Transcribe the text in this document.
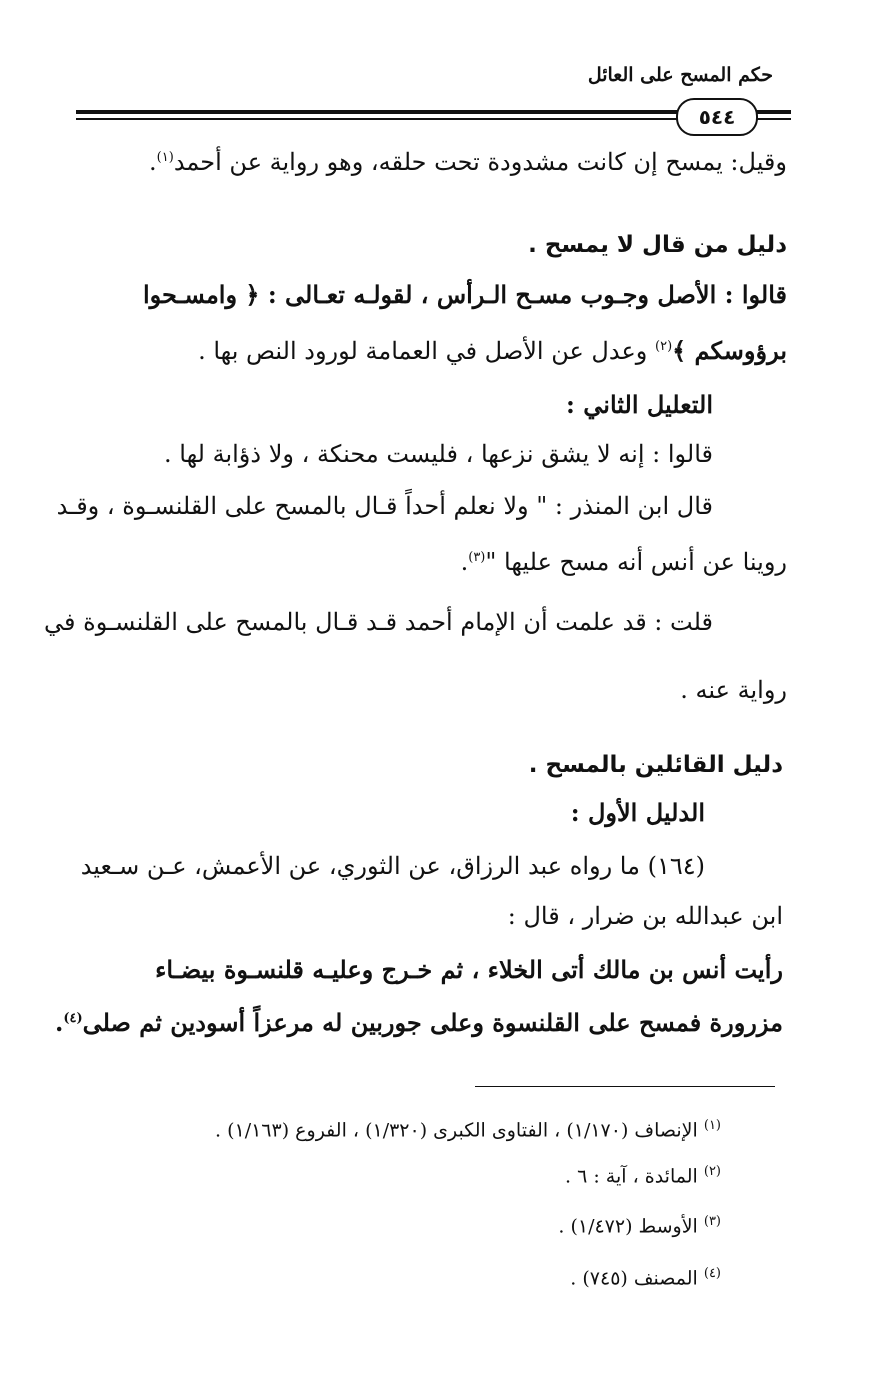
حكم المسح على العائل
٥٤٤
وقيل: يمسح إن كانت مشدودة تحت حلقه، وهو رواية عن أحمد$^{(١)}$.
دليل من قال لا يمسح .
قالوا : الأصل وجـوب مسـح الـرأس ، لقولـه تعـالى : ﴿ وامسـحوا
برؤوسكم ﴾$^{(٢)}$ وعدل عن الأصل في العمامة لورود النص بها .
التعليل الثاني :
قالوا : إنه لا يشق نزعها ، فليست محنكة ، ولا ذؤابة لها .
قال ابن المنذر : " ولا نعلم أحداً قـال بالمسح على القلنسـوة ، وقـد
روينا عن أنس أنه مسح عليها "$^{(٣)}$.
قلت : قد علمت أن الإمام أحمد قـد قـال بالمسح على القلنسـوة في
رواية عنه .
دليل القائلين بالمسح .
الدليل الأول :
(١٦٤) ما رواه عبد الرزاق، عن الثوري، عن الأعمش، عـن سـعيد
ابن عبدالله بن ضرار ، قال :
رأيت أنس بن مالك أتى الخلاء ، ثم خـرج وعليـه قلنسـوة بيضـاء
مزرورة فمسح على القلنسوة وعلى جوربين له مرعزاً أسودين ثم صلى$^{(٤)}$.
$^{(١)}$ الإنصاف (١/١٧٠) ، الفتاوى الكبرى (١/٣٢٠) ، الفروع (١/١٦٣) .
$^{(٢)}$ المائدة ، آية : ٦ .
$^{(٣)}$ الأوسط (١/٤٧٢) .
$^{(٤)}$ المصنف (٧٤٥) .
